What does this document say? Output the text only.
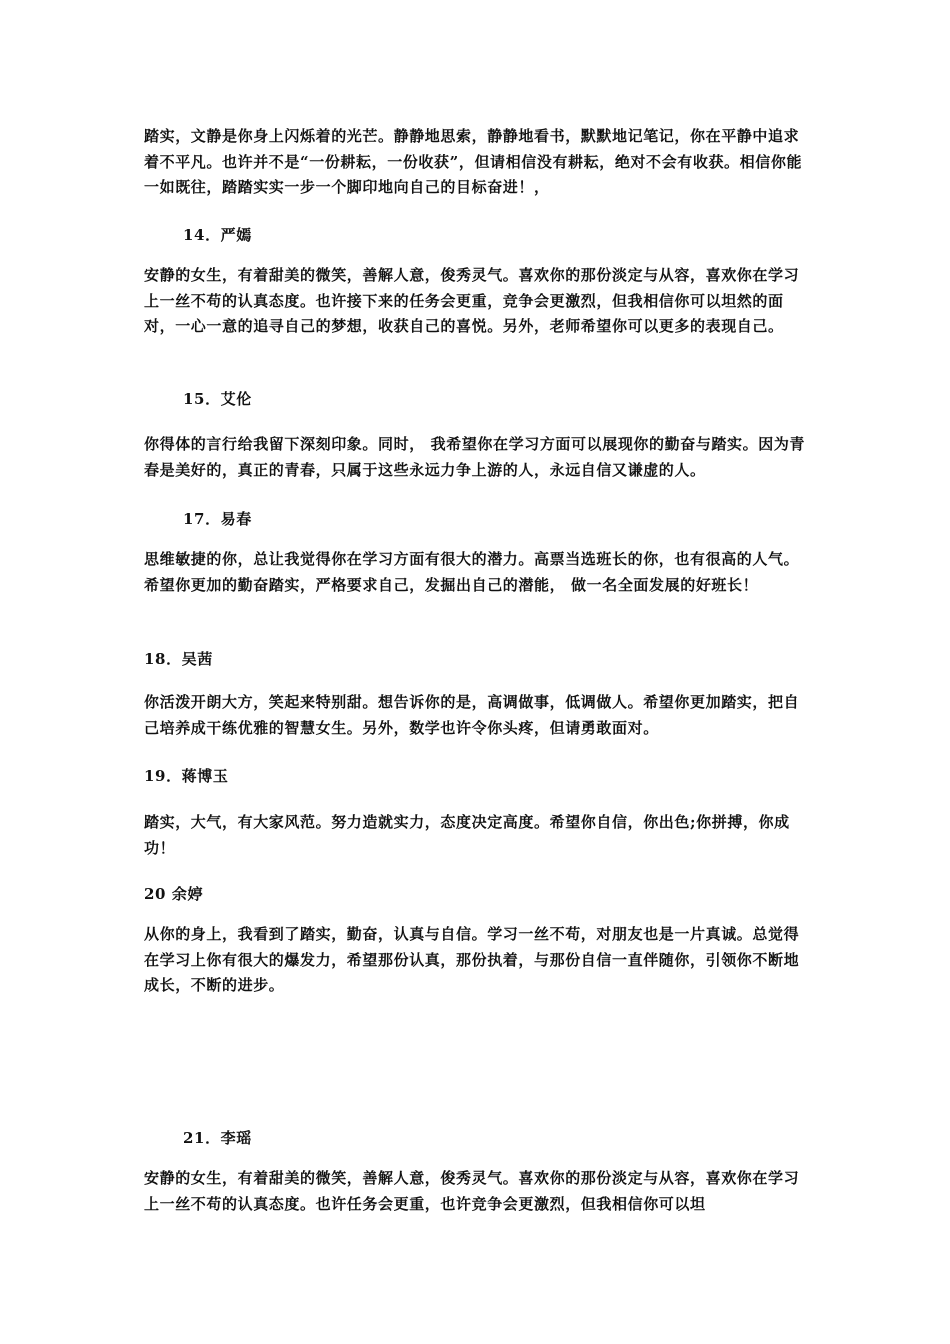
踏实，文静是你身上闪烁着的光芒。静静地思索，静静地看书，默默地记笔记，你在平静中追求着不平凡。也许并不是“一份耕耘，一份收获”，但请相信没有耕耘，绝对不会有收获。相信你能一如既往，踏踏实实一步一个脚印地向自己的目标奋进！，

14．严嫣

安静的女生，有着甜美的微笑，善解人意，俊秀灵气。喜欢你的那份淡定与从容，喜欢你在学习上一丝不苟的认真态度。也许接下来的任务会更重，竞争会更激烈，但我相信你可以坦然的面对，一心一意的追寻自己的梦想，收获自己的喜悦。另外，老师希望你可以更多的表现自己。

15．艾伦

你得体的言行给我留下深刻印象。同时， 我希望你在学习方面可以展现你的勤奋与踏实。因为青春是美好的，真正的青春，只属于这些永远力争上游的人，永远自信又谦虚的人。

17．易春

思维敏捷的你，总让我觉得你在学习方面有很大的潜力。高票当选班长的你，也有很高的人气。希望你更加的勤奋踏实，严格要求自己，发掘出自己的潜能， 做一名全面发展的好班长！

18．吴茜

你活泼开朗大方，笑起来特别甜。想告诉你的是，高调做事，低调做人。希望你更加踏实，把自己培养成干练优雅的智慧女生。另外，数学也许令你头疼，但请勇敢面对。

19．蒋博玉

踏实，大气，有大家风范。努力造就实力，态度决定高度。希望你自信，你出色;你拼搏，你成功！

20 余婷

从你的身上，我看到了踏实，勤奋，认真与自信。学习一丝不苟，对朋友也是一片真诚。总觉得在学习上你有很大的爆发力，希望那份认真，那份执着，与那份自信一直伴随你，引领你不断地成长，不断的进步。

21．李瑶

安静的女生，有着甜美的微笑，善解人意，俊秀灵气。喜欢你的那份淡定与从容，喜欢你在学习上一丝不苟的认真态度。也许任务会更重，也许竞争会更激烈，但我相信你可以坦
